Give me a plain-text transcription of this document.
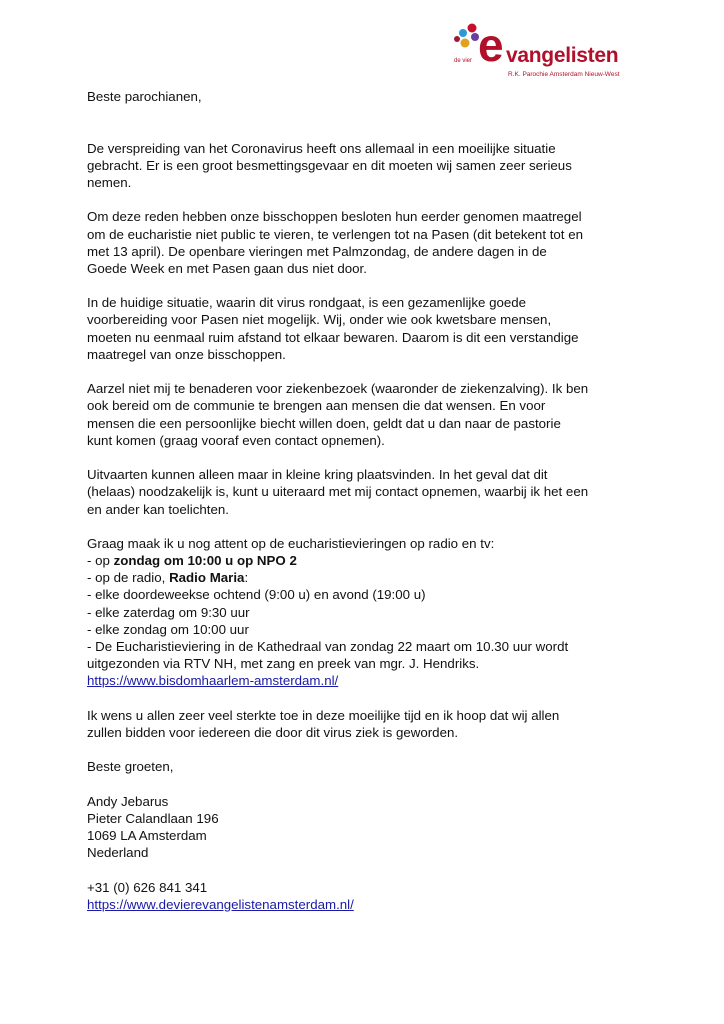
de vier e vangelisten
R.K. Parochie Amsterdam Nieuw-West
Beste parochianen,
De verspreiding van het Coronavirus heeft ons allemaal in een moeilijke situatie
gebracht. Er is een groot besmettingsgevaar en dit moeten wij samen zeer serieus
nemen.
Om deze reden hebben onze bisschoppen besloten hun eerder genomen maatregel
om de eucharistie niet public te vieren, te verlengen tot na Pasen (dit betekent tot en
met 13 april). De openbare vieringen met Palmzondag, de andere dagen in de
Goede Week en met Pasen gaan dus niet door.
In de huidige situatie, waarin dit virus rondgaat, is een gezamenlijke goede
voorbereiding voor Pasen niet mogelijk. Wij, onder wie ook kwetsbare mensen,
moeten nu eenmaal ruim afstand tot elkaar bewaren. Daarom is dit een verstandige
maatregel van onze bisschoppen.
Aarzel niet mij te benaderen voor ziekenbezoek (waaronder de ziekenzalving). Ik ben
ook bereid om de communie te brengen aan mensen die dat wensen. En voor
mensen die een persoonlijke biecht willen doen, geldt dat u dan naar de pastorie
kunt komen (graag vooraf even contact opnemen).
Uitvaarten kunnen alleen maar in kleine kring plaatsvinden. In het geval dat dit
(helaas) noodzakelijk is, kunt u uiteraard met mij contact opnemen, waarbij ik het een
en ander kan toelichten.
Graag maak ik u nog attent op de eucharistievieringen op radio en tv:
- op zondag om 10:00 u op NPO 2
- op de radio, Radio Maria:
- elke doordeweekse ochtend (9:00 u) en avond (19:00 u)
- elke zaterdag om 9:30 uur
- elke zondag om 10:00 uur
- De Eucharistieviering in de Kathedraal van zondag 22 maart om 10.30 uur wordt
uitgezonden via RTV NH, met zang en preek van mgr. J. Hendriks.
https://www.bisdomhaarlem-amsterdam.nl/
Ik wens u allen zeer veel sterkte toe in deze moeilijke tijd en ik hoop dat wij allen
zullen bidden voor iedereen die door dit virus ziek is geworden.
Beste groeten,
Andy Jebarus
Pieter Calandlaan 196
1069 LA Amsterdam
Nederland
+31 (0) 626 841 341
https://www.devierevangelistenamsterdam.nl/
